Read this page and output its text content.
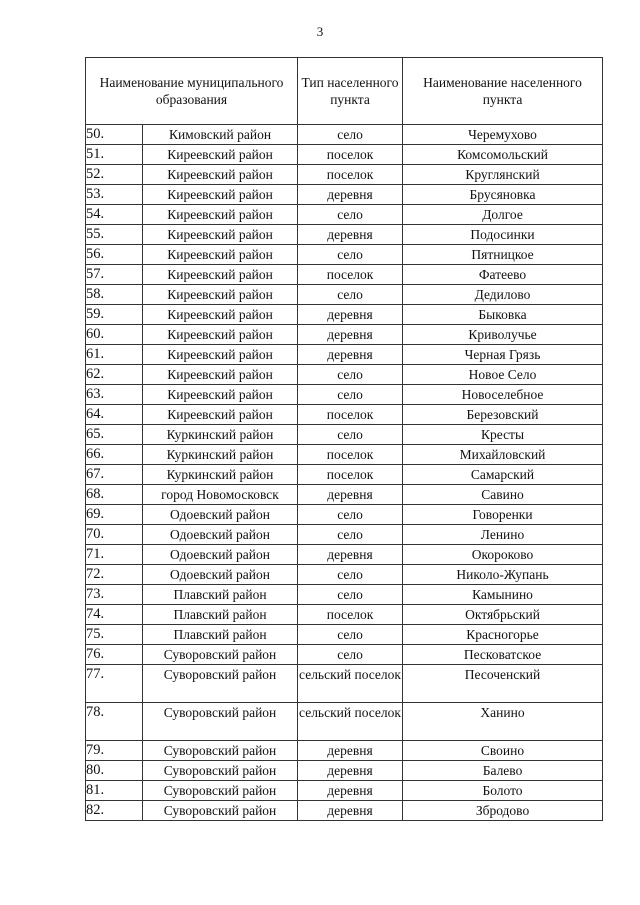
3
Наименование муниципального образования		Тип населенного пункта	Наименование населенного пункта
50.	Кимовский район	село	Черемухово
51.	Киреевский район	поселок	Комсомольский
52.	Киреевский район	поселок	Круглянский
53.	Киреевский район	деревня	Брусяновка
54.	Киреевский район	село	Долгое
55.	Киреевский район	деревня	Подосинки
56.	Киреевский район	село	Пятницкое
57.	Киреевский район	поселок	Фатеево
58.	Киреевский район	село	Дедилово
59.	Киреевский район	деревня	Быковка
60.	Киреевский район	деревня	Криволучье
61.	Киреевский район	деревня	Черная Грязь
62.	Киреевский район	село	Новое Село
63.	Киреевский район	село	Новоселебное
64.	Киреевский район	поселок	Березовский
65.	Куркинский район	село	Кресты
66.	Куркинский район	поселок	Михайловский
67.	Куркинский район	поселок	Самарский
68.	город Новомосковск	деревня	Савино
69.	Одоевский район	село	Говоренки
70.	Одоевский район	село	Ленино
71.	Одоевский район	деревня	Окороково
72.	Одоевский район	село	Николо-Жупань
73.	Плавский район	село	Камынино
74.	Плавский район	поселок	Октябрьский
75.	Плавский район	село	Красногорье
76.	Суворовский район	село	Песковатское
77.	Суворовский район	сельский поселок	Песоченский
78.	Суворовский район	сельский поселок	Ханино
79.	Суворовский район	деревня	Своино
80.	Суворовский район	деревня	Балево
81.	Суворовский район	деревня	Болото
82.	Суворовский район	деревня	Збродово
